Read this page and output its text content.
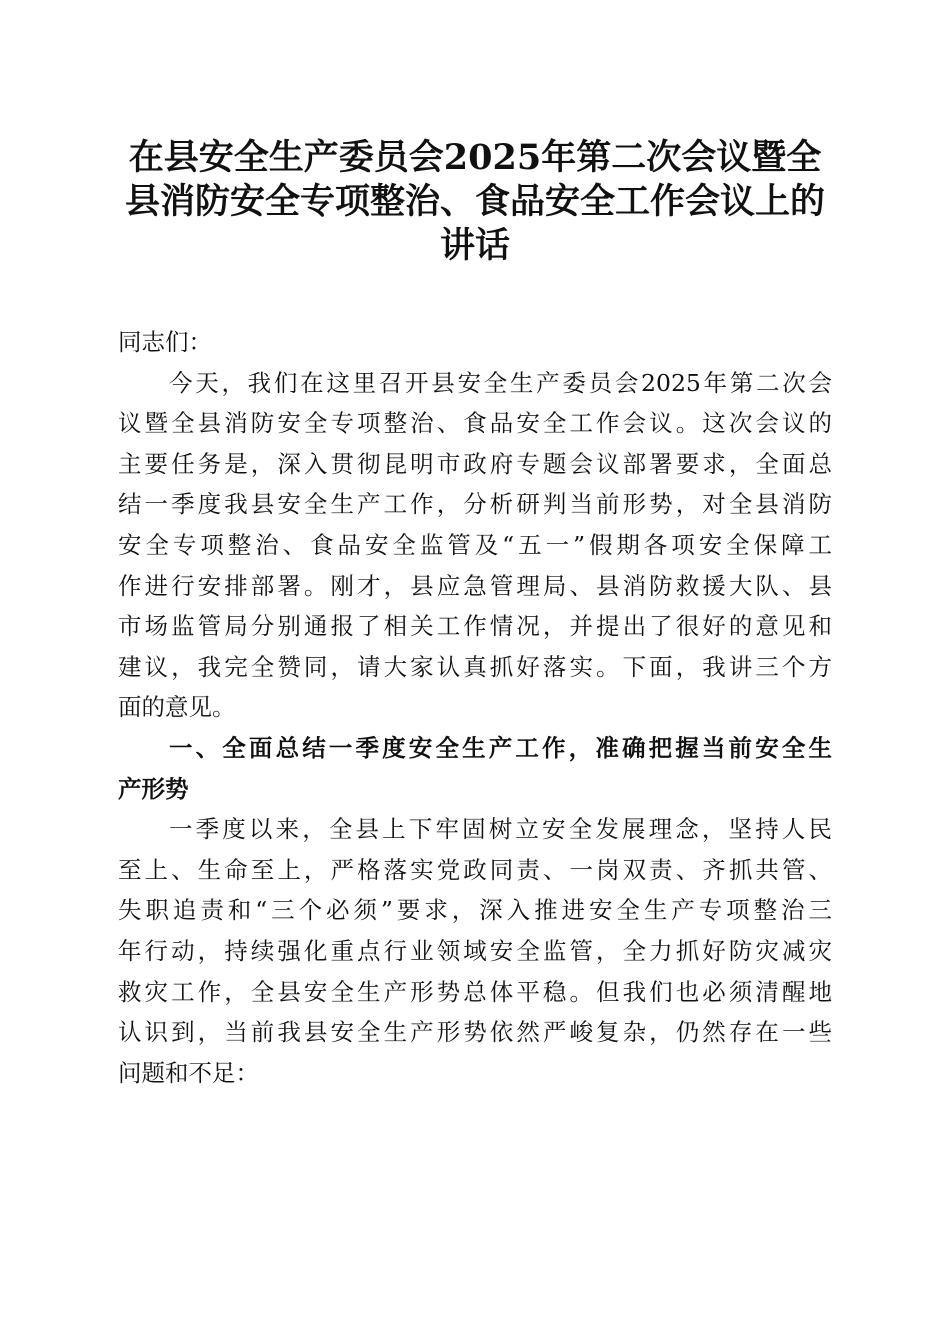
在县安全生产委员会2025年第二次会议暨全
县消防安全专项整治、食品安全工作会议上的
讲话
同志们：
今天，我们在这里召开县安全生产委员会2025年第二次会
议暨全县消防安全专项整治、食品安全工作会议。这次会议的
主要任务是，深入贯彻昆明市政府专题会议部署要求，全面总
结一季度我县安全生产工作，分析研判当前形势，对全县消防
安全专项整治、食品安全监管及“五一”假期各项安全保障工
作进行安排部署。刚才，县应急管理局、县消防救援大队、县
市场监管局分别通报了相关工作情况，并提出了很好的意见和
建议，我完全赞同，请大家认真抓好落实。下面，我讲三个方
面的意见。
一、全面总结一季度安全生产工作，准确把握当前安全生
产形势
一季度以来，全县上下牢固树立安全发展理念，坚持人民
至上、生命至上，严格落实党政同责、一岗双责、齐抓共管、
失职追责和“三个必须”要求，深入推进安全生产专项整治三
年行动，持续强化重点行业领域安全监管，全力抓好防灾减灾
救灾工作，全县安全生产形势总体平稳。但我们也必须清醒地
认识到，当前我县安全生产形势依然严峻复杂，仍然存在一些
问题和不足：
